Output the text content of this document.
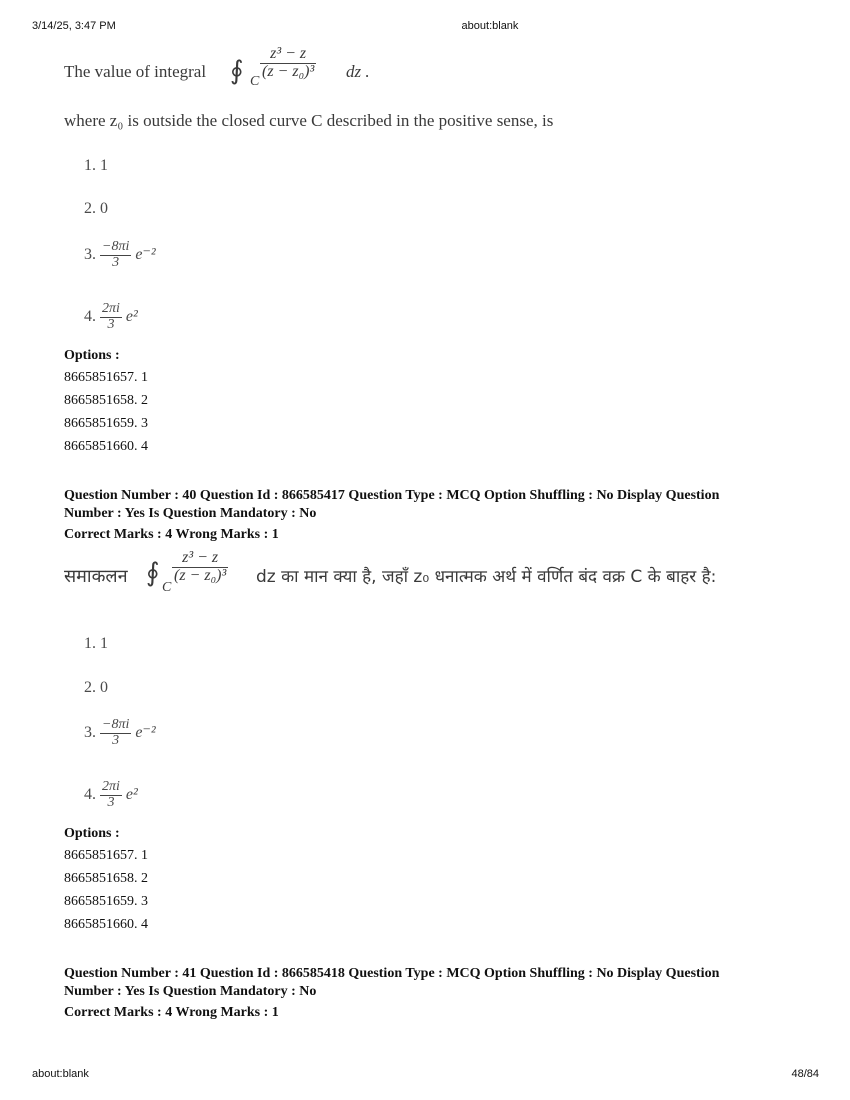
3/14/25, 3:47 PM	about:blank
The value of integral ∮ C
$\frac{\text{z³ − z}}{\text{(z − z₀)³}}$ dz .
where z₀ is outside the closed curve C described in the positive sense, is
1. 1
2. 0
3. $\frac{-8\pi i}{3} e^{-2}$
4. $\frac{2\pi i}{3} e^2$
Options :
8665851657. 1
8665851658. 2
8665851659. 3
8665851660. 4
Question Number : 40 Question Id : 866585417 Question Type : MCQ Option Shuffling : No Display Question
Number : Yes Is Question Mandatory : No
Correct Marks : 4 Wrong Marks : 1
समाकलन ∮
C
$\frac{\text{z³ − z}}{\text{(z − z₀)³}}$ dz का मान क्या है, जहाँ z₀ धनात्मक अर्थ में वर्णित बंद वक्र C के बाहर है:
1. 1
2. 0
3. $\frac{-8\pi i}{3} e^{-2}$
4. $\frac{2\pi i}{3} e^2$
Options :
8665851657. 1
8665851658. 2
8665851659. 3
8665851660. 4
Question Number : 41 Question Id : 866585418 Question Type : MCQ Option Shuffling : No Display Question
Number : Yes Is Question Mandatory : No
Correct Marks : 4 Wrong Marks : 1
about:blank	48/84
